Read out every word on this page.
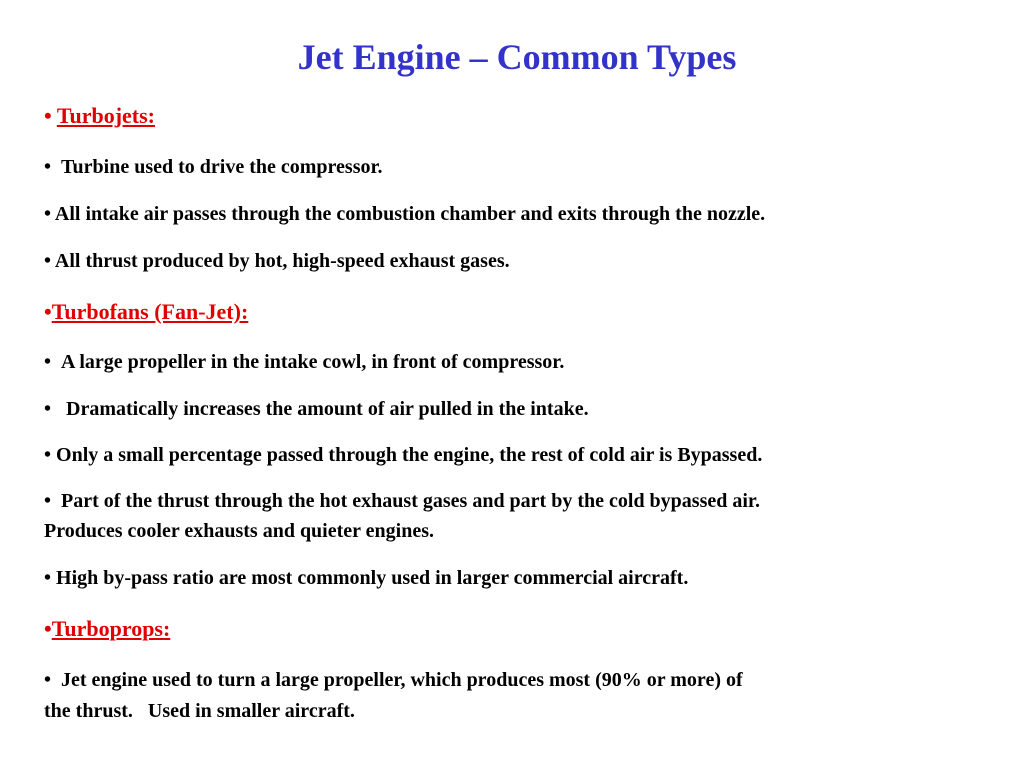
Jet Engine – Common Types
• Turbojets:
•  Turbine used to drive the compressor.
• All intake air passes through the combustion chamber and exits through the nozzle.
• All thrust produced by hot, high-speed exhaust gases.
•Turbofans (Fan-Jet):
•  A large propeller in the intake cowl, in front of compressor.
•   Dramatically increases the amount of air pulled in the intake.
• Only a small percentage passed through the engine, the rest of cold air is Bypassed.
•  Part of the thrust through the hot exhaust gases and part by the cold bypassed air.
Produces cooler exhausts and quieter engines.
• High by-pass ratio are most commonly used in larger commercial aircraft.
•Turboprops:
•  Jet engine used to turn a large propeller, which produces most (90% or more) of
the thrust.   Used in smaller aircraft.
